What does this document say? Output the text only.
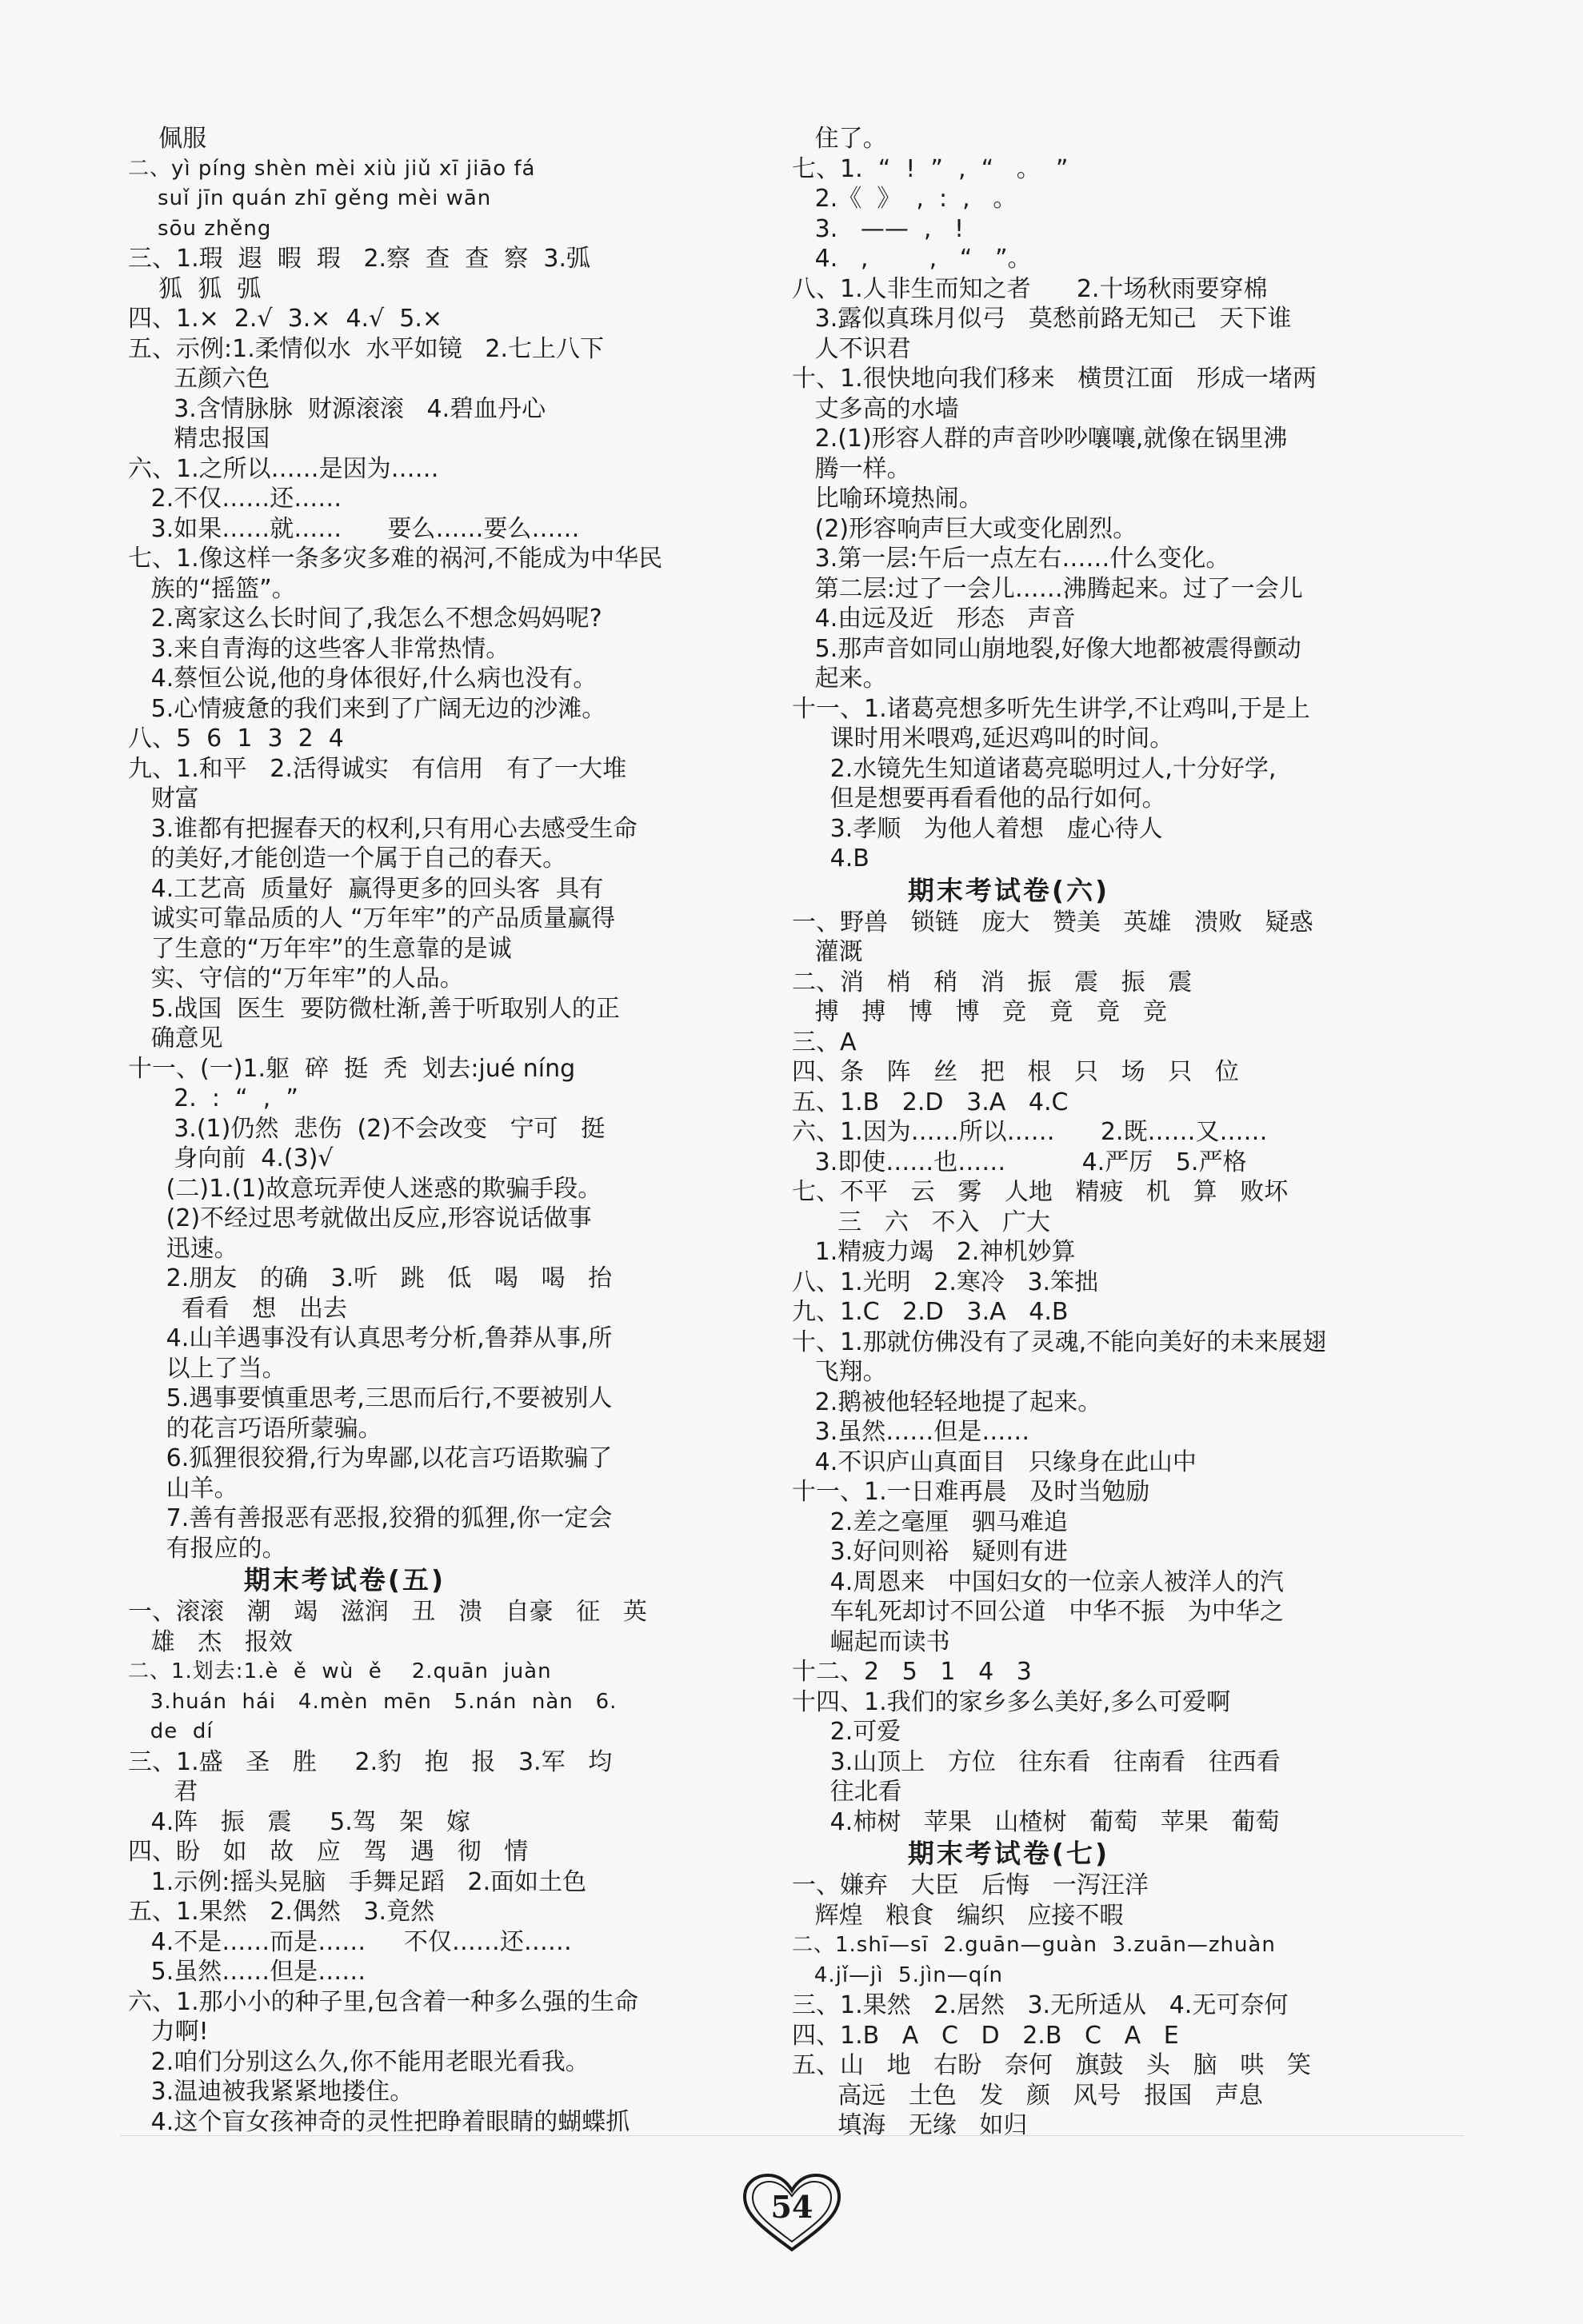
佩服
二、yì píng shèn mèi xiù jiǔ xī jiāo fá
suǐ jīn quán zhī gěng mèi wān
sōu zhěng
三、1.瑕  遐  暇  瑕   2.察  查  查  察  3.弧
狐  狐  弧
四、1.×  2.√  3.×  4.√  5.×
五、示例:1.柔情似水  水平如镜   2.七上八下
五颜六色
3.含情脉脉  财源滚滚   4.碧血丹心
精忠报国
六、1.之所以……是因为……
2.不仅……还……
3.如果……就……      要么……要么……
七、1.像这样一条多灾多难的祸河,不能成为中华民
族的“摇篮”。
2.离家这么长时间了,我怎么不想念妈妈呢?
3.来自青海的这些客人非常热情。
4.蔡恒公说,他的身体很好,什么病也没有。
5.心情疲惫的我们来到了广阔无边的沙滩。
八、5  6  1  3  2  4
九、1.和平   2.活得诚实   有信用   有了一大堆
财富
3.谁都有把握春天的权利,只有用心去感受生命
的美好,才能创造一个属于自己的春天。
4.工艺高  质量好  赢得更多的回头客  具有
诚实可靠品质的人 “万年牢”的产品质量赢得
了生意的“万年牢”的生意靠的是诚
实、守信的“万年牢”的人品。
5.战国  医生  要防微杜渐,善于听取别人的正
确意见
十一、(一)1.躯  碎  挺  秃  划去:jué níng
2.  :  “  ,  ”
3.(1)仍然  悲伤  (2)不会改变   宁可   挺
身向前  4.(3)√
(二)1.(1)故意玩弄使人迷惑的欺骗手段。
(2)不经过思考就做出反应,形容说话做事
迅速。
2.朋友   的确   3.听   跳   低   喝   喝   抬
看看   想   出去
4.山羊遇事没有认真思考分析,鲁莽从事,所
以上了当。
5.遇事要慎重思考,三思而后行,不要被别人
的花言巧语所蒙骗。
6.狐狸很狡猾,行为卑鄙,以花言巧语欺骗了
山羊。
7.善有善报恶有恶报,狡猾的狐狸,你一定会
有报应的。
期末考试卷(五)
一、滚滚   潮   竭   滋润   丑   溃   自豪   征   英
雄   杰   报效
二、1.划去:1.è  ě  wù  ě    2.quān  juàn
3.huán  hái   4.mèn  mēn   5.nán  nàn   6.
de  dí
三、1.盛   圣   胜     2.豹   抱   报   3.军   均
君
4.阵   振   震     5.驾   架   嫁
四、盼   如   故   应   驾   遇   彻   情
1.示例:摇头晃脑   手舞足蹈   2.面如土色
五、1.果然   2.偶然   3.竟然
4.不是……而是……     不仅……还……
5.虽然……但是……
六、1.那小小的种子里,包含着一种多么强的生命
力啊!
2.咱们分别这么久,你不能用老眼光看我。
3.温迪被我紧紧地搂住。
4.这个盲女孩神奇的灵性把睁着眼睛的蝴蝶抓
住了。
七、1.  “  !  ”  ,  “   。  ”
2.《  》  ,  :  ,   。
3.   ——  ,   !
4.   ,        ,   “   ”。
八、1.人非生而知之者      2.十场秋雨要穿棉
3.露似真珠月似弓   莫愁前路无知己   天下谁
人不识君
十、1.很快地向我们移来   横贯江面   形成一堵两
丈多高的水墙
2.(1)形容人群的声音吵吵嚷嚷,就像在锅里沸
腾一样。
比喻环境热闹。
(2)形容响声巨大或变化剧烈。
3.第一层:午后一点左右……什么变化。
第二层:过了一会儿……沸腾起来。过了一会儿
4.由远及近   形态   声音
5.那声音如同山崩地裂,好像大地都被震得颤动
起来。
十一、1.诸葛亮想多听先生讲学,不让鸡叫,于是上
课时用米喂鸡,延迟鸡叫的时间。
2.水镜先生知道诸葛亮聪明过人,十分好学,
但是想要再看看他的品行如何。
3.孝顺   为他人着想   虚心待人
4.B
期末考试卷(六)
一、野兽   锁链   庞大   赞美   英雄   溃败   疑惑
灌溉
二、消   梢   稍   消   振   震   振   震
搏   搏   博   博   竞   竟   竟   竞
三、A
四、条   阵   丝   把   根   只   场   只   位
五、1.B   2.D   3.A   4.C
六、1.因为……所以……      2.既……又……
3.即使……也……          4.严厉   5.严格
七、不平   云   雾   人地   精疲   机   算   败坏
三   六   不入   广大
1.精疲力竭   2.神机妙算
八、1.光明   2.寒冷   3.笨拙
九、1.C   2.D   3.A   4.B
十、1.那就仿佛没有了灵魂,不能向美好的未来展翅
飞翔。
2.鹅被他轻轻地提了起来。
3.虽然……但是……
4.不识庐山真面目   只缘身在此山中
十一、1.一日难再晨   及时当勉励
2.差之毫厘   驷马难追
3.好问则裕   疑则有进
4.周恩来   中国妇女的一位亲人被洋人的汽
车轧死却讨不回公道   中华不振   为中华之
崛起而读书
十二、2   5   1   4   3
十四、1.我们的家乡多么美好,多么可爱啊
2.可爱
3.山顶上   方位   往东看   往南看   往西看
往北看
4.柿树   苹果   山楂树   葡萄   苹果   葡萄
期末考试卷(七)
一、嫌弃   大臣   后悔   一泻汪洋
辉煌   粮食   编织   应接不暇
二、1.shī—sī  2.guān—guàn  3.zuān—zhuàn
4.jǐ—jì  5.jìn—qín
三、1.果然   2.居然   3.无所适从   4.无可奈何
四、1.B   A   C   D   2.B   C   A   E
五、山   地   右盼   奈何   旗鼓   头   脑   哄   笑
高远   土色   发   颜   风号   报国   声息
填海   无缘   如归
54
